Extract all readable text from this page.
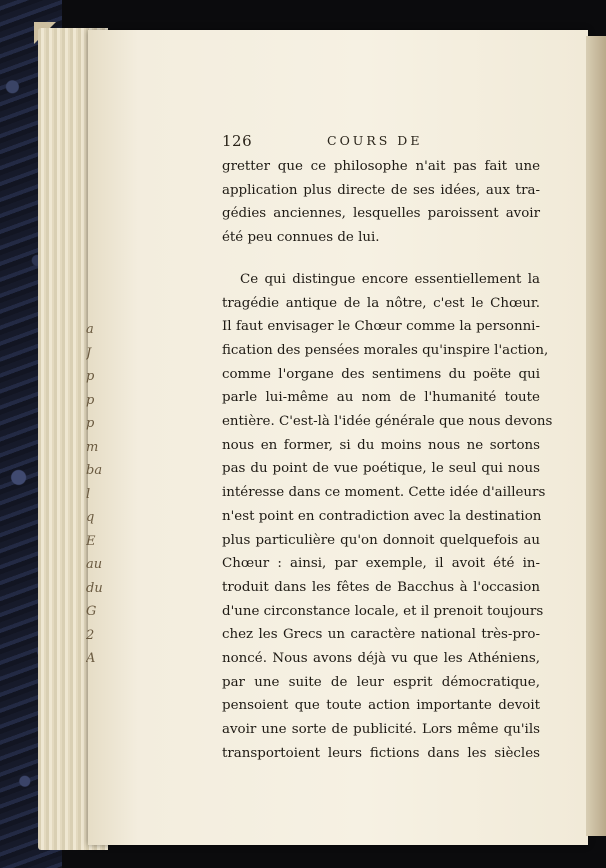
a
J
p
p
p
m
ba
l
q
E
au
du
G
2
A
126	COURS DE
gretter que ce philosophe n'ait pas fait une
application plus directe de ses idées, aux tra-
gédies anciennes, lesquelles paroissent avoir
été peu connues de lui.
Ce qui distingue encore essentiellement la
tragédie antique de la nôtre, c'est le Chœur.
Il faut envisager le Chœur comme la personni-
fication des pensées morales qu'inspire l'action,
comme l'organe des sentimens du poëte qui
parle lui-même au nom de l'humanité toute
entière. C'est-là l'idée générale que nous devons
nous en former, si du moins nous ne sortons
pas du point de vue poétique, le seul qui nous
intéresse dans ce moment. Cette idée d'ailleurs
n'est point en contradiction avec la destination
plus particulière qu'on donnoit quelquefois au
Chœur : ainsi, par exemple, il avoit été in-
troduit dans les fêtes de Bacchus à l'occasion
d'une circonstance locale, et il prenoit toujours
chez les Grecs un caractère national très-pro-
noncé. Nous avons déjà vu que les Athéniens,
par une suite de leur esprit démocratique,
pensoient que toute action importante devoit
avoir une sorte de publicité. Lors même qu'ils
transportoient leurs fictions dans les siècles
